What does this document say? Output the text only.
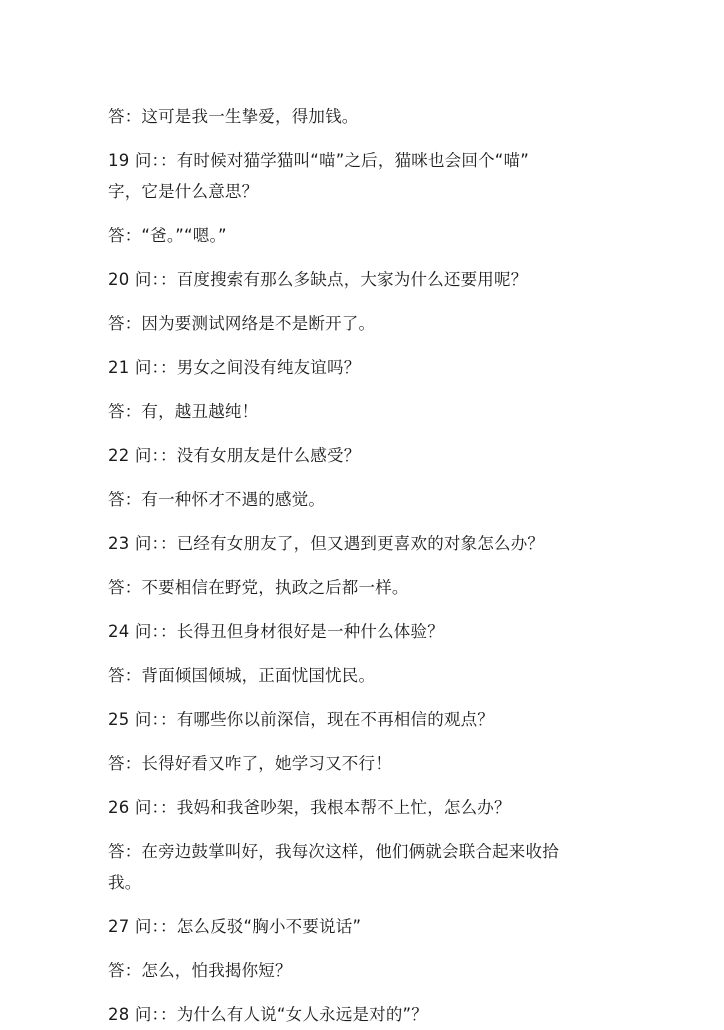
答：这可是我一生挚爱，得加钱。
19 问：：有时候对猫学猫叫“喵”之后，猫咪也会回个“喵”
字，它是什么意思？
答：“爸。”“嗯。”
20 问：：百度搜索有那么多缺点，大家为什么还要用呢？
答：因为要测试网络是不是断开了。
21 问：：男女之间没有纯友谊吗？
答：有，越丑越纯！
22 问：：没有女朋友是什么感受？
答：有一种怀才不遇的感觉。
23 问：：已经有女朋友了，但又遇到更喜欢的对象怎么办？
答：不要相信在野党，执政之后都一样。
24 问：：长得丑但身材很好是一种什么体验？
答：背面倾国倾城，正面忧国忧民。
25 问：：有哪些你以前深信，现在不再相信的观点？
答：长得好看又咋了，她学习又不行！
26 问：：我妈和我爸吵架，我根本帮不上忙，怎么办？
答：在旁边鼓掌叫好，我每次这样，他们俩就会联合起来收拾
我。
27 问：：怎么反驳“胸小不要说话”
答：怎么，怕我揭你短？
28 问：：为什么有人说“女人永远是对的”？
